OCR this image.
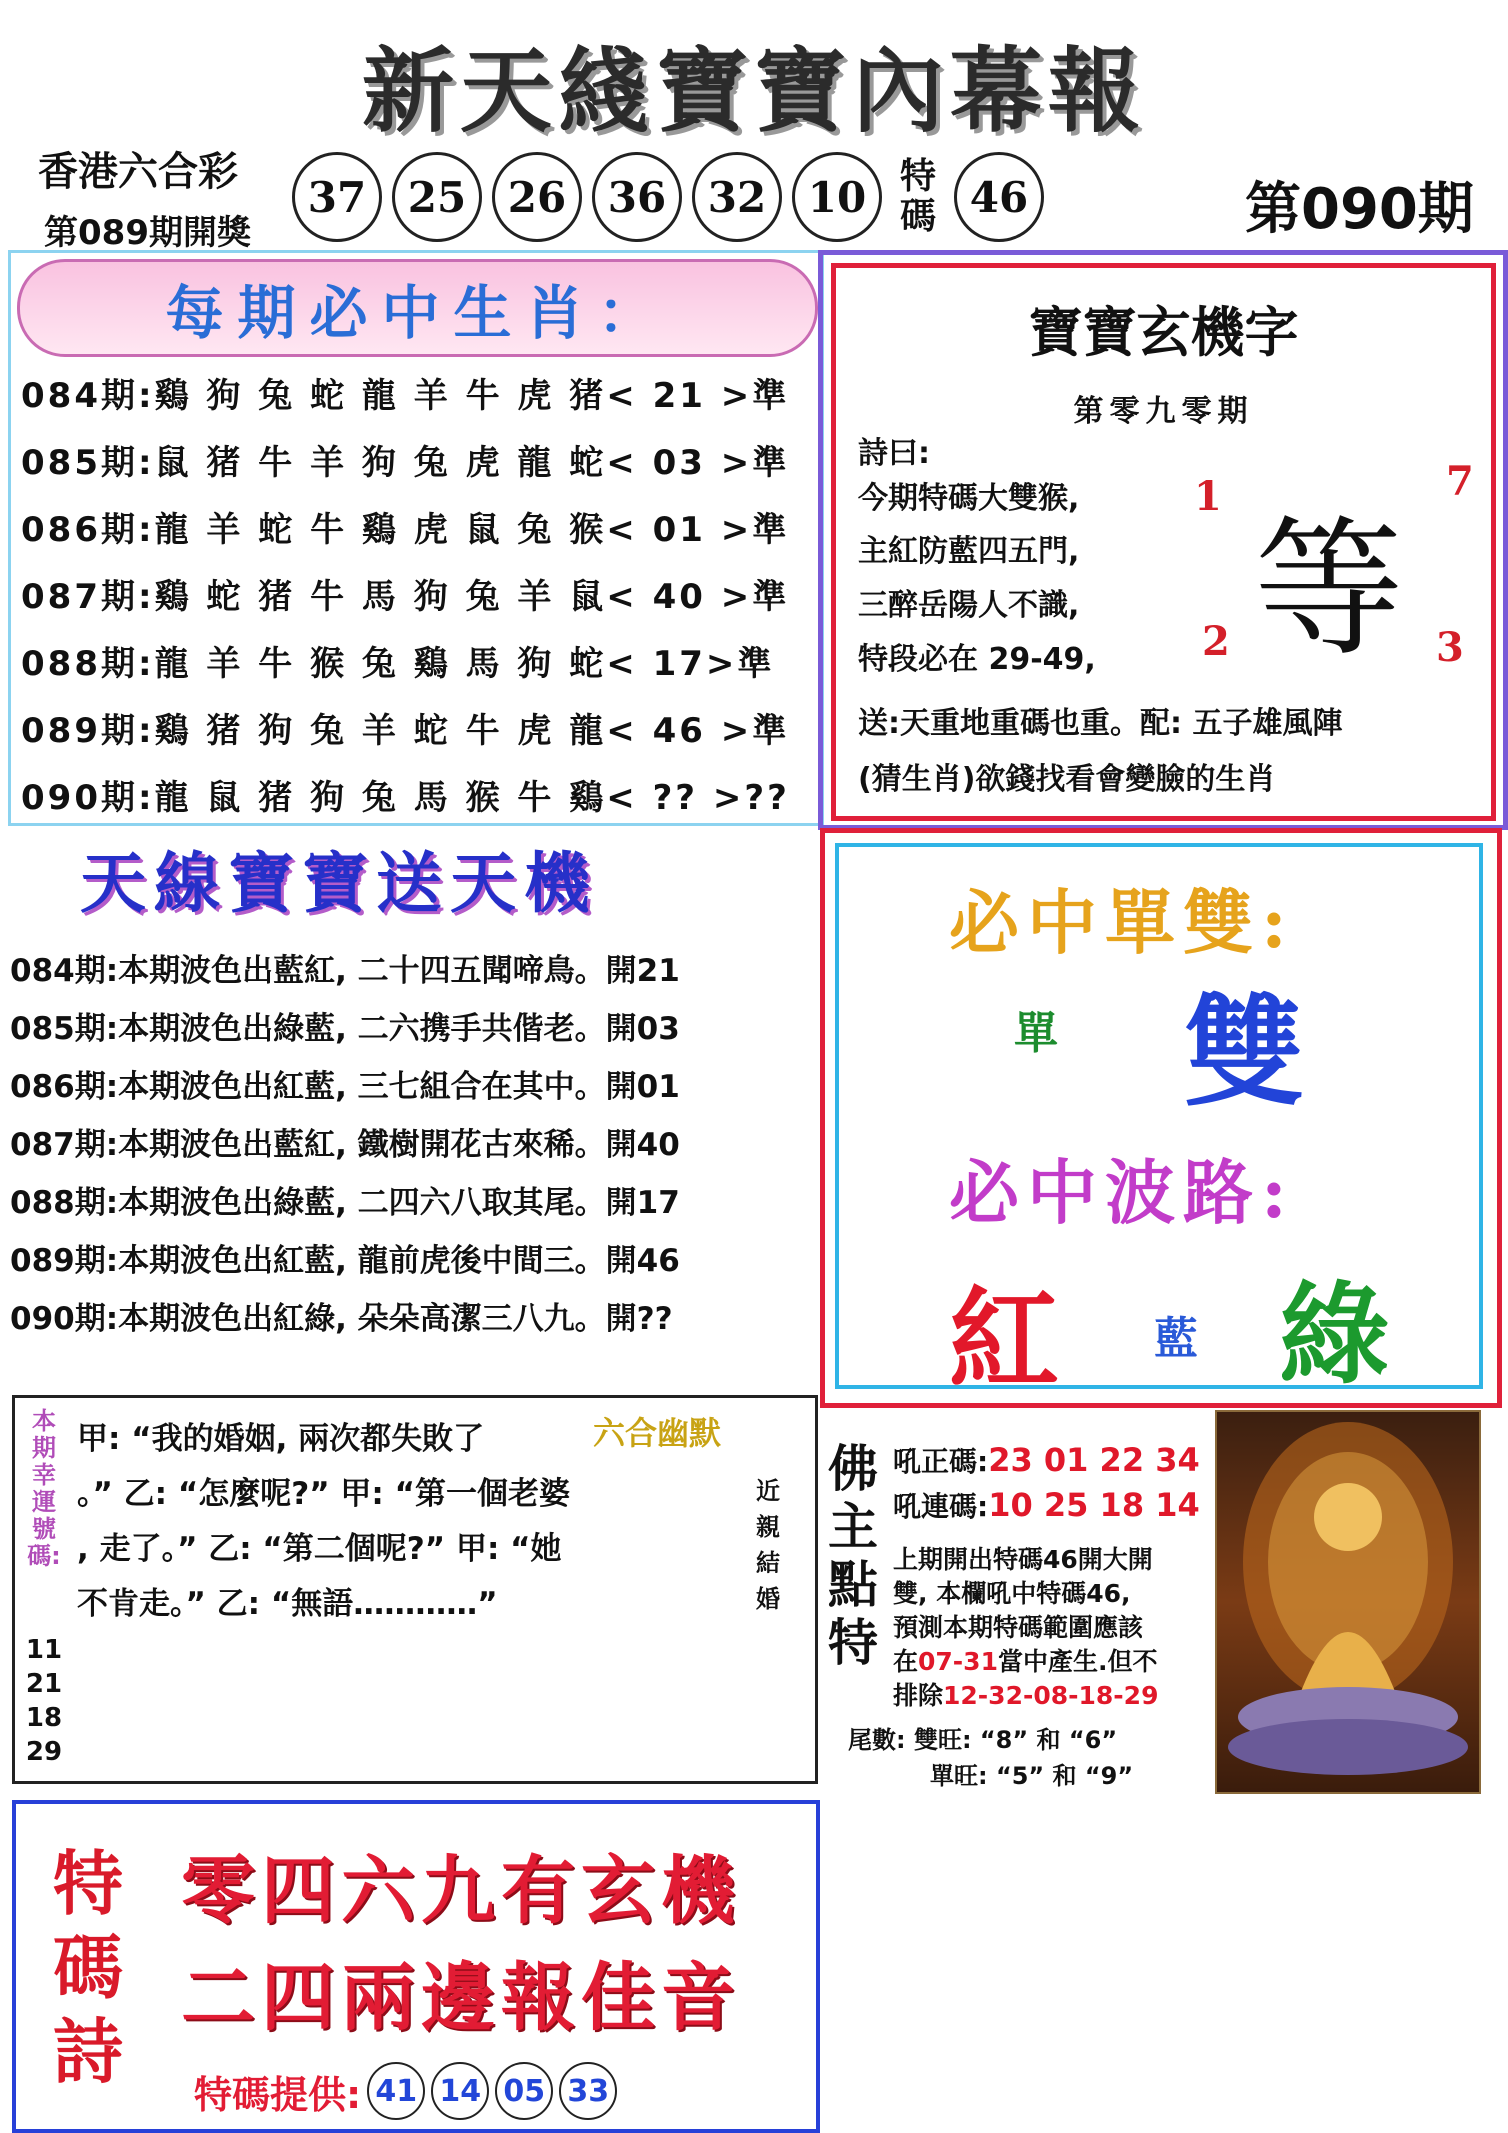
新天綫寶寶內幕報
香港六合彩
第089期開獎
37 25 26 36 32 10 特碼 46	第090期
每期必中生肖：
084期:鷄 狗 兔 蛇 龍 羊 牛 虎 猪< 21 >準
085期:鼠 猪 牛 羊 狗 兔 虎 龍 蛇< 03 >準
086期:龍 羊 蛇 牛 鷄 虎 鼠 兔 猴< 01 >準
087期:鷄 蛇 猪 牛 馬 狗 兔 羊 鼠< 40 >準
088期:龍 羊 牛 猴 兔 鷄 馬 狗 蛇< 17>準
089期:鷄 猪 狗 兔 羊 蛇 牛 虎 龍< 46 >準
090期:龍 鼠 猪 狗 兔 馬 猴 牛 鷄< ?? >??
寶寶玄機字
第零九零期
詩曰:
今期特碼大雙猴,
主紅防藍四五門,
三醉岳陽人不識,
特段必在 29-49, 等
1	7
2	3
送:天重地重碼也重。配: 五子雄風陣
(猜生肖)欲錢找看會變臉的生肖
天線寶寶送天機
084期:本期波色出藍紅, 二十四五聞啼鳥。開21
085期:本期波色出綠藍, 二六携手共偕老。開03
086期:本期波色出紅藍, 三七組合在其中。開01
087期:本期波色出藍紅, 鐵樹開花古來稀。開40
088期:本期波色出綠藍, 二四六八取其尾。開17
089期:本期波色出紅藍, 龍前虎後中間三。開46
090期:本期波色出紅綠, 朵朵高潔三八九。開??
必中單雙:
單 雙
必中波路:
紅 藍 綠
本期幸運號碼:
11 21 18 29
甲: “我的婚姻, 兩次都失敗了	六合幽默
。” 乙: “怎麼呢?” 甲: “第一個老婆
, 走了。” 乙: “第二個呢?” 甲: “她
不肯走。” 乙: “無語…………”
近親結婚
佛主點特
吼正碼:23 01 22 34
吼連碼:10 25 18 14
上期開出特碼46開大開
雙, 本欄吼中特碼46,
預測本期特碼範圍應該
在07-31當中產生.但不
排除12-32-08-18-29
尾數: 雙旺: “8” 和 “6”
單旺: “5” 和 “9”
特碼詩
零四六九有玄機
二四兩邊報佳音
特碼提供: 41 14 05 33
